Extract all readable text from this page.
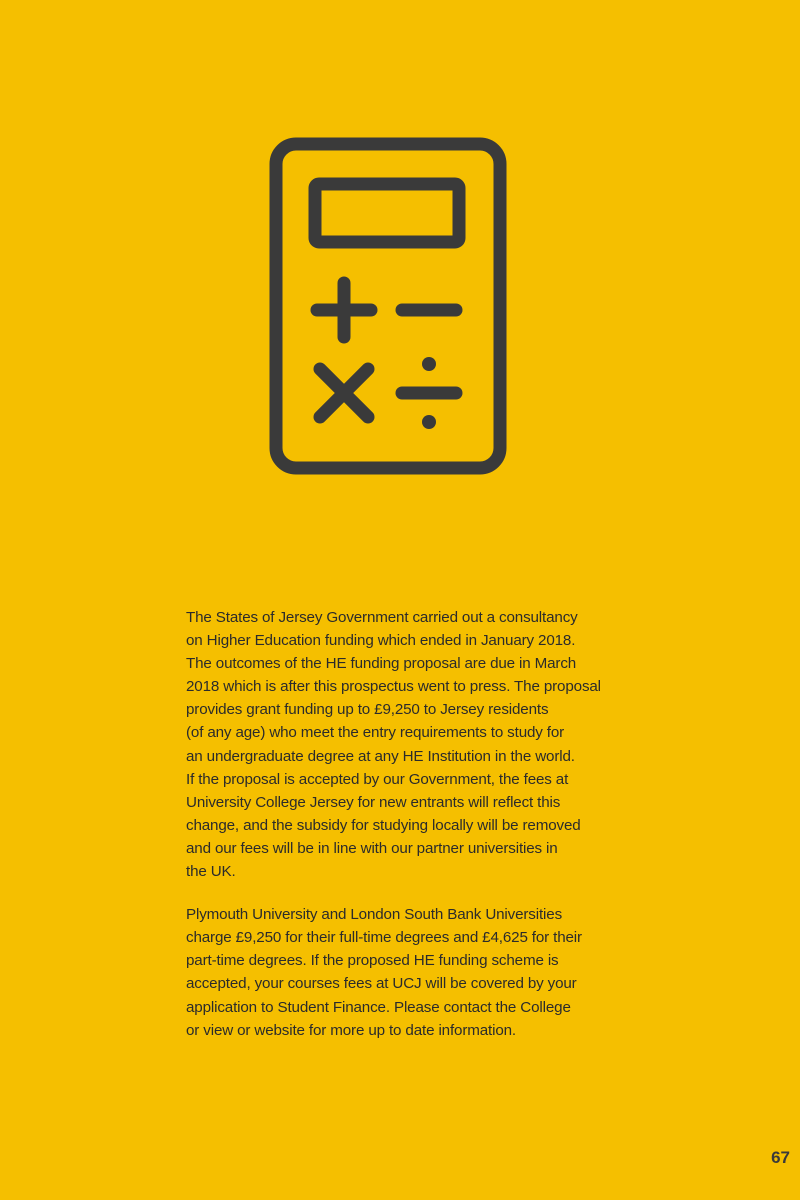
The States of Jersey Government carried out a consultancy
on Higher Education funding which ended in January 2018.
The outcomes of the HE funding proposal are due in March
2018 which is after this prospectus went to press. The proposal
provides grant funding up to £9,250 to Jersey residents
(of any age) who meet the entry requirements to study for
an undergraduate degree at any HE Institution in the world.
If the proposal is accepted by our Government, the fees at
University College Jersey for new entrants will reflect this
change, and the subsidy for studying locally will be removed
and our fees will be in line with our partner universities in
the UK.

Plymouth University and London South Bank Universities
charge £9,250 for their full-time degrees and £4,625 for their
part-time degrees. If the proposed HE funding scheme is
accepted, your courses fees at UCJ will be covered by your
application to Student Finance. Please contact the College
or view or website for more up to date information.

67
